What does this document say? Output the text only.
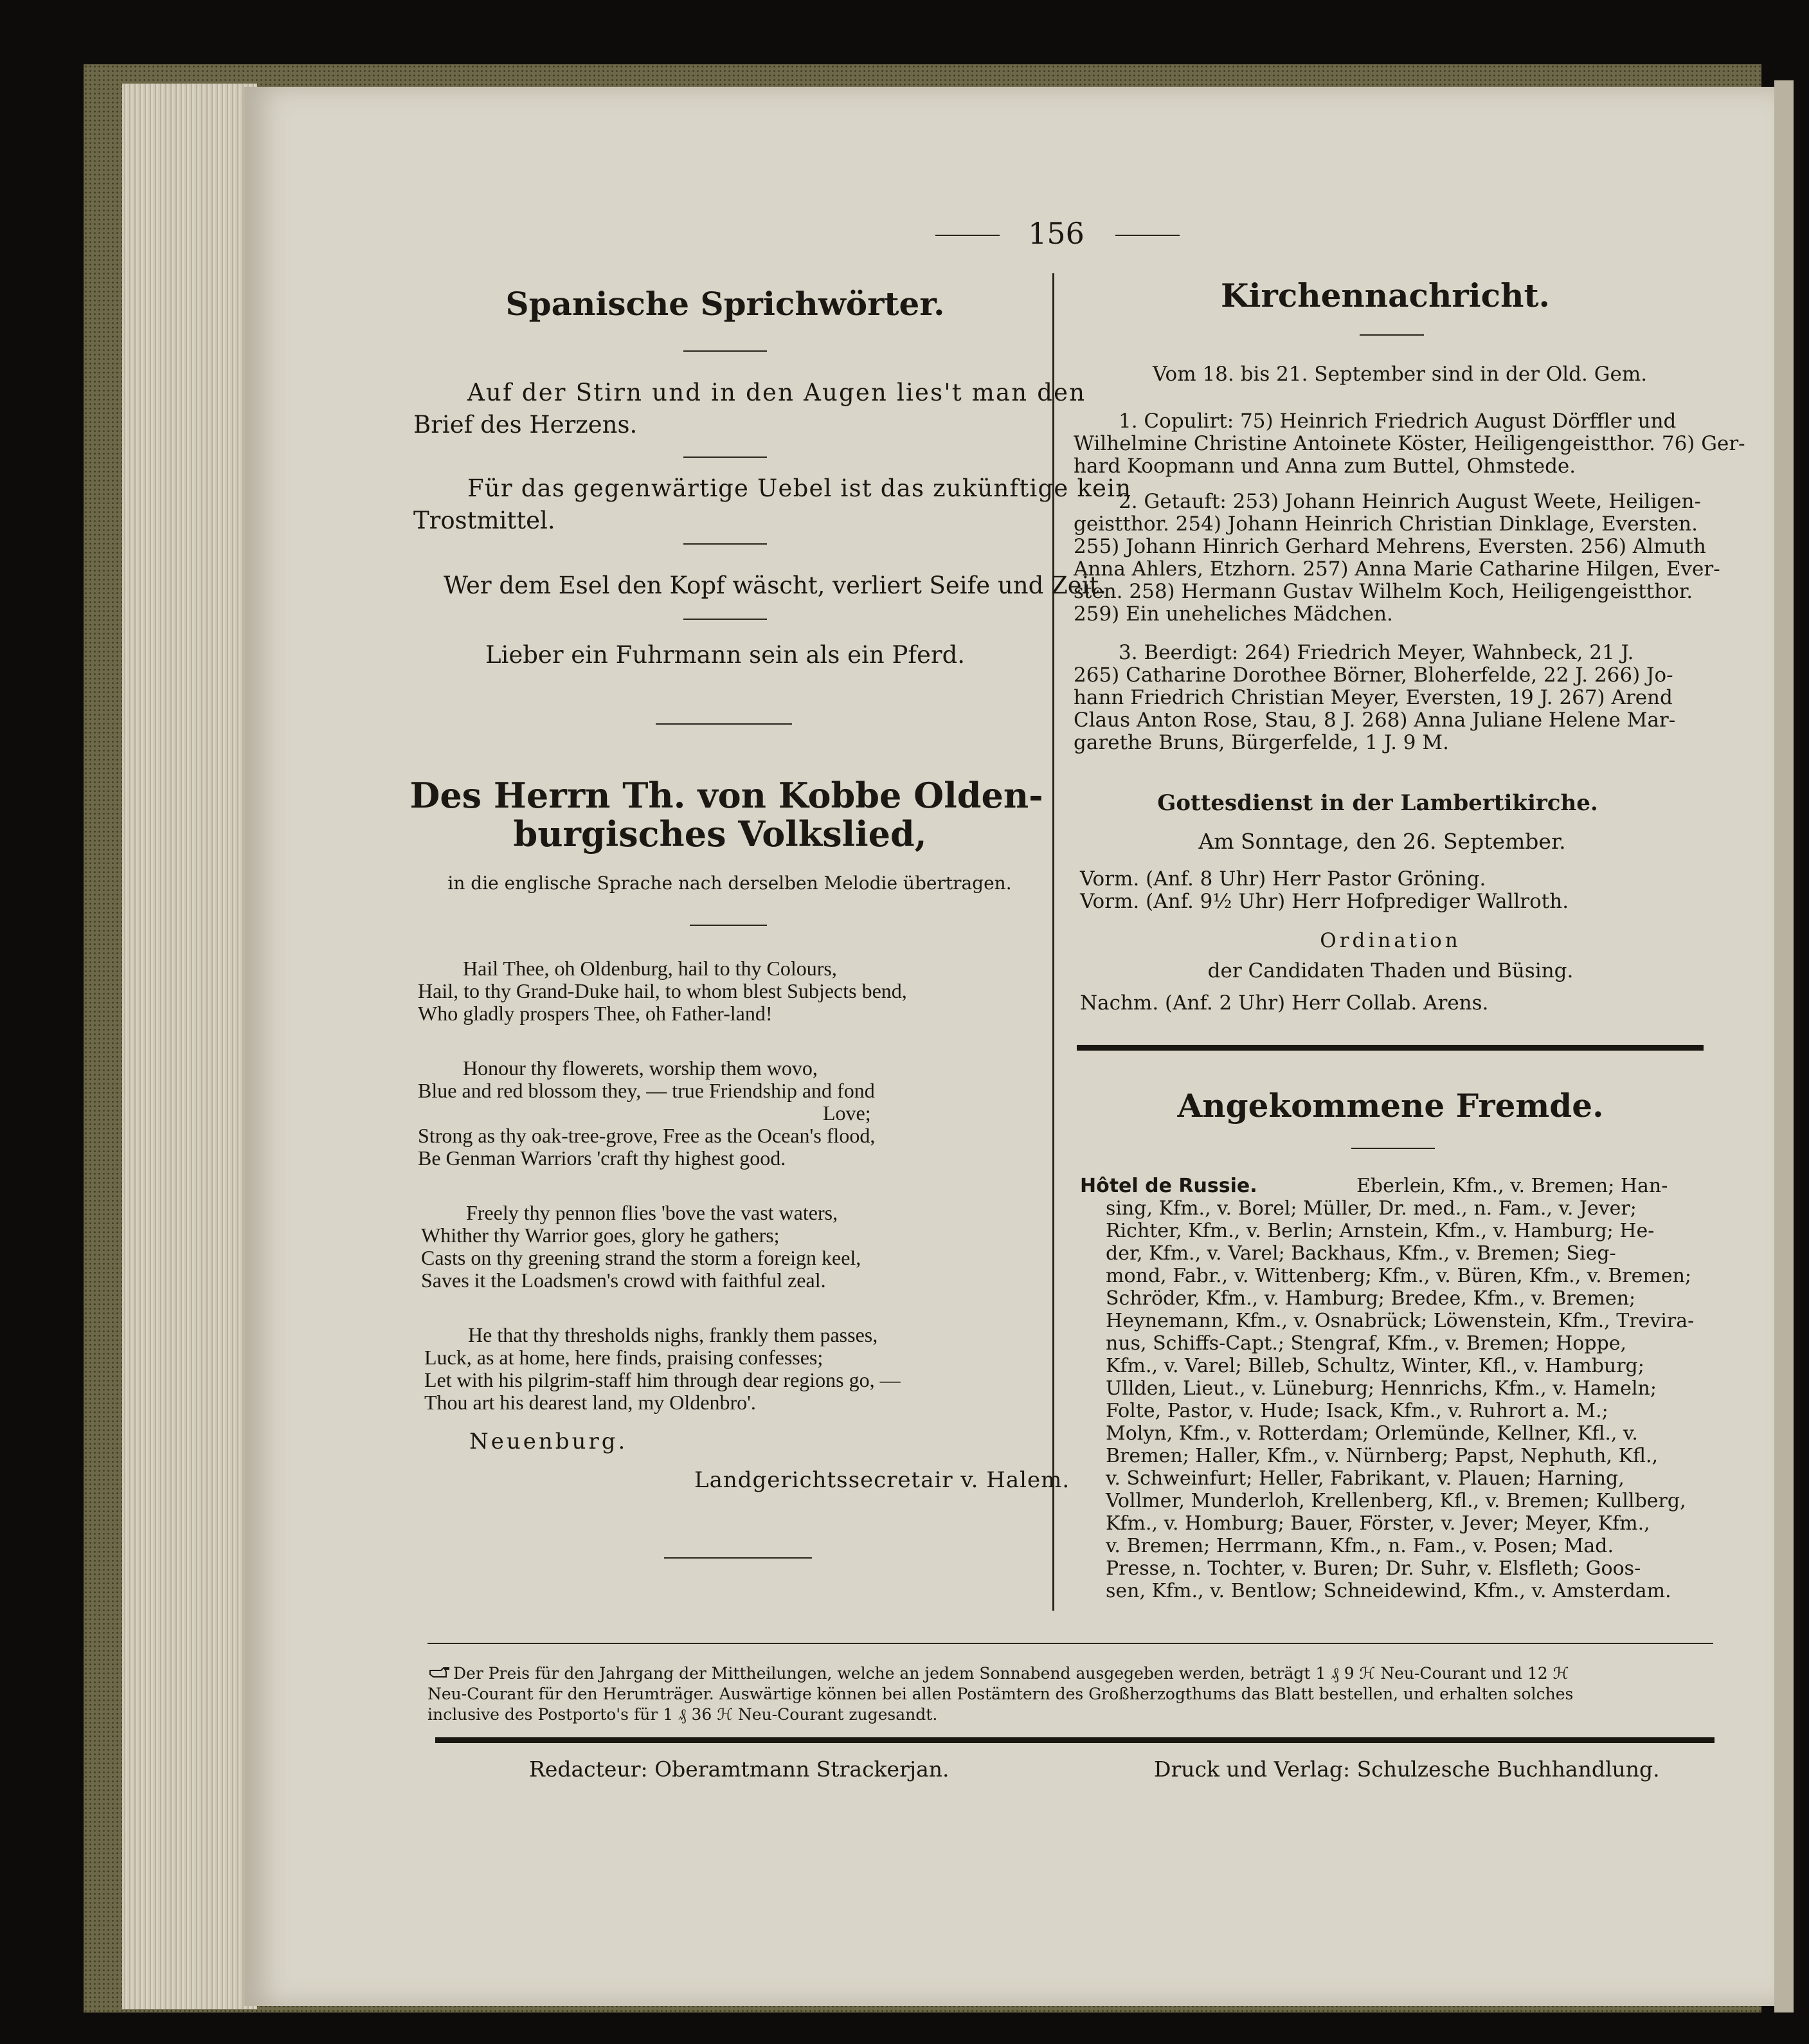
156
Spanische Sprichwörter.
Auf der Stirn und in den Augen lies't man den
Brief des Herzens.
Für das gegenwärtige Uebel ist das zukünftige kein
Trostmittel.
Wer dem Esel den Kopf wäscht, verliert Seife und Zeit.
Lieber ein Fuhrmann sein als ein Pferd.
Des Herrn Th. von Kobbe Olden-
burgisches Volkslied,
in die englische Sprache nach derselben Melodie übertragen.
Hail Thee, oh Oldenburg, hail to thy Colours,
Hail, to thy Grand-Duke hail, to whom blest Subjects bend,
Who gladly prospers Thee, oh Father-land!
Honour thy flowerets, worship them wovo,
Blue and red blossom they, — true Friendship and fond
Love;
Strong as thy oak-tree-grove, Free as the Ocean's flood,
Be Genman Warriors 'craft thy highest good.
Freely thy pennon flies 'bove the vast waters,
Whither thy Warrior goes, glory he gathers;
Casts on thy greening strand the storm a foreign keel,
Saves it the Loadsmen's crowd with faithful zeal.
He that thy thresholds nighs, frankly them passes,
Luck, as at home, here finds, praising confesses;
Let with his pilgrim-staff him through dear regions go, —
Thou art his dearest land, my Oldenbro'.
Neuenburg.
Landgerichtssecretair v. Halem.
Kirchennachricht.
Vom 18. bis 21. September sind in der Old. Gem.
1. Copulirt: 75) Heinrich Friedrich August Dörffler und
Wilhelmine Christine Antoinete Köster, Heiligengeistthor. 76) Ger-
hard Koopmann und Anna zum Buttel, Ohmstede.
2. Getauft: 253) Johann Heinrich August Weete, Heiligen-
geistthor. 254) Johann Heinrich Christian Dinklage, Eversten.
255) Johann Hinrich Gerhard Mehrens, Eversten. 256) Almuth
Anna Ahlers, Etzhorn. 257) Anna Marie Catharine Hilgen, Ever-
sten. 258) Hermann Gustav Wilhelm Koch, Heiligengeistthor.
259) Ein uneheliches Mädchen.
3. Beerdigt: 264) Friedrich Meyer, Wahnbeck, 21 J.
265) Catharine Dorothee Börner, Bloherfelde, 22 J. 266) Jo-
hann Friedrich Christian Meyer, Eversten, 19 J. 267) Arend
Claus Anton Rose, Stau, 8 J. 268) Anna Juliane Helene Mar-
garethe Bruns, Bürgerfelde, 1 J. 9 M.
Gottesdienst in der Lambertikirche.
Am Sonntage, den 26. September.
Vorm. (Anf. 8 Uhr) Herr Pastor Gröning.
Vorm. (Anf. 9½ Uhr) Herr Hofprediger Wallroth.
Ordination
der Candidaten Thaden und Büsing.
Nachm. (Anf. 2 Uhr) Herr Collab. Arens.
Angekommene Fremde.
Hôtel de Russie.	Eberlein, Kfm., v. Bremen; Han-
sing, Kfm., v. Borel; Müller, Dr. med., n. Fam., v. Jever;
Richter, Kfm., v. Berlin; Arnstein, Kfm., v. Hamburg; He-
der, Kfm., v. Varel; Backhaus, Kfm., v. Bremen; Sieg-
mond, Fabr., v. Wittenberg; Kfm., v. Büren, Kfm., v. Bremen;
Schröder, Kfm., v. Hamburg; Bredee, Kfm., v. Bremen;
Heynemann, Kfm., v. Osnabrück; Löwenstein, Kfm., Trevira-
nus, Schiffs-Capt.; Stengraf, Kfm., v. Bremen; Hoppe,
Kfm., v. Varel; Billeb, Schultz, Winter, Kfl., v. Hamburg;
Ullden, Lieut., v. Lüneburg; Hennrichs, Kfm., v. Hameln;
Folte, Pastor, v. Hude; Isack, Kfm., v. Ruhrort a. M.;
Molyn, Kfm., v. Rotterdam; Orlemünde, Kellner, Kfl., v.
Bremen; Haller, Kfm., v. Nürnberg; Papst, Nephuth, Kfl.,
v. Schweinfurt; Heller, Fabrikant, v. Plauen; Harning,
Vollmer, Munderloh, Krellenberg, Kfl., v. Bremen; Kullberg,
Kfm., v. Homburg; Bauer, Förster, v. Jever; Meyer, Kfm.,
v. Bremen; Herrmann, Kfm., n. Fam., v. Posen; Mad.
Presse, n. Tochter, v. Buren; Dr. Suhr, v. Elsfleth; Goos-
sen, Kfm., v. Bentlow; Schneidewind, Kfm., v. Amsterdam.
Der Preis für den Jahrgang der Mittheilungen, welche an jedem Sonnabend ausgegeben werden, beträgt 1 ₰ 9 ℋ Neu-Courant und 12 ℋ
Neu-Courant für den Herumträger. Auswärtige können bei allen Postämtern des Großherzogthums das Blatt bestellen, und erhalten solches
inclusive des Postporto's für 1 ₰ 36 ℋ Neu-Courant zugesandt.
Redacteur: Oberamtmann Strackerjan.	Druck und Verlag: Schulzesche Buchhandlung.
